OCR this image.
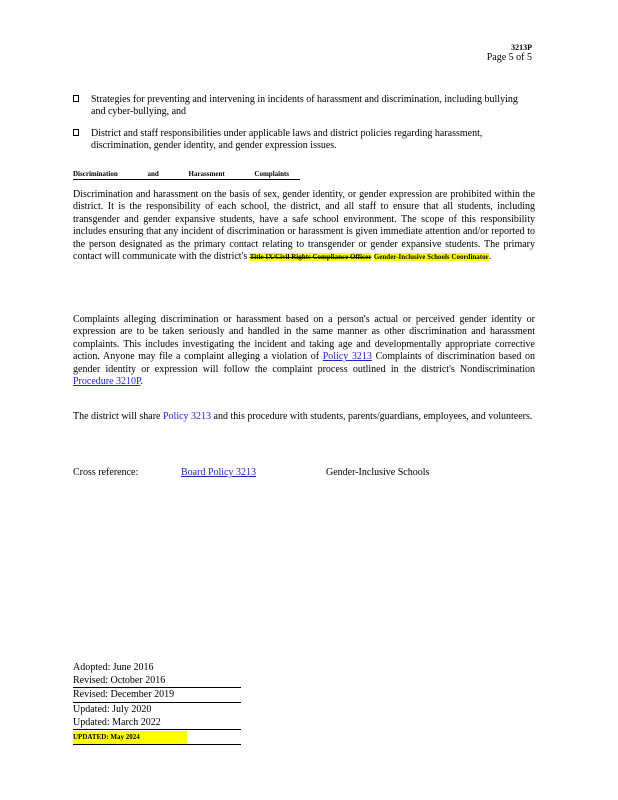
3213P
Page 5 of 5
Strategies for preventing and intervening in incidents of harassment and discrimination, including bullying and cyber-bullying, and
District and staff responsibilities under applicable laws and district policies regarding harassment, discrimination, gender identity, and gender expression issues.
Discrimination and Harassment Complaints
Discrimination and harassment on the basis of sex, gender identity, or gender expression are prohibited within the district. It is the responsibility of each school, the district, and all staff to ensure that all students, including transgender and gender expansive students, have a safe school environment. The scope of this responsibility includes ensuring that any incident of discrimination or harassment is given immediate attention and/or reported to the person designated as the primary contact relating to transgender or gender expansive students. The primary contact will communicate with the district's Title IX/Civil Rights Compliance Officer Gender-Inclusive Schools Coordinator.
Complaints alleging discrimination or harassment based on a person's actual or perceived gender identity or expression are to be taken seriously and handled in the same manner as other discrimination and harassment complaints. This includes investigating the incident and taking age and developmentally appropriate corrective action. Anyone may file a complaint alleging a violation of Policy 3213 Complaints of discrimination based on gender identity or expression will follow the complaint process outlined in the district's Nondiscrimination Procedure 3210P.
The district will share Policy 3213 and this procedure with students, parents/guardians, employees, and volunteers.
Cross reference:	Board Policy 3213	Gender-Inclusive Schools
Adopted: June 2016
Revised: October 2016
Revised: December 2019
Updated: July 2020
Updated: March 2022
UPDATED: May 2024
